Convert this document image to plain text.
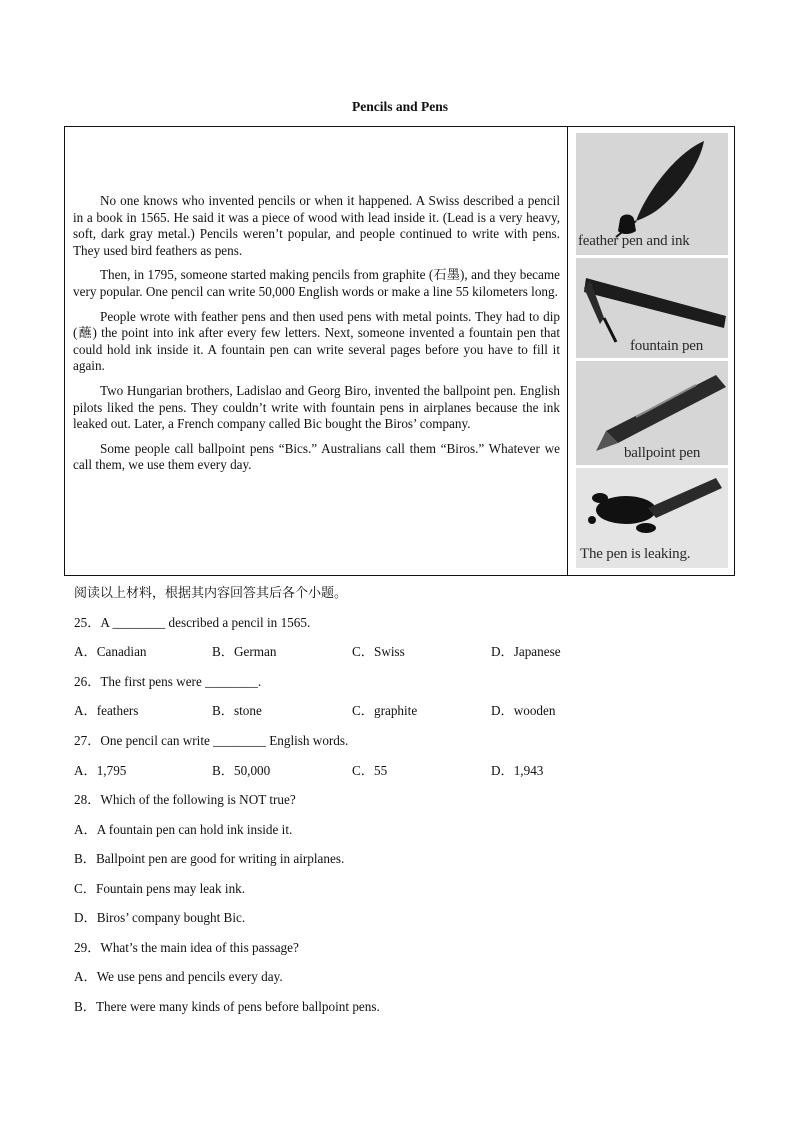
Pencils and Pens

No one knows who invented pencils or when it happened. A Swiss described a pencil in a book in 1565. He said it was a piece of wood with lead inside it. (Lead is a very heavy, soft, dark gray metal.) Pencils weren’t popular, and people continued to write with pens. They used bird feathers as pens.

Then, in 1795, someone started making pencils from graphite (石墨), and they became very popular. One pencil can write 50,000 English words or make a line 55 kilometers long.

People wrote with feather pens and then used pens with metal points. They had to dip (蘸) the point into ink after every few letters. Next, someone invented a fountain pen that could hold ink inside it. A fountain pen can write several pages before you have to fill it again.

Two Hungarian brothers, Ladislao and Georg Biro, invented the ballpoint pen. English pilots liked the pens. They couldn’t write with fountain pens in airplanes because the ink leaked out. Later, a French company called Bic bought the Biros’ company.

Some people call ballpoint pens “Bics.” Australians call them “Biros.” Whatever we call them, we use them every day.

feather pen and ink
fountain pen
ballpoint pen
The pen is leaking.
阅读以上材料，根据其内容回答其后各个小题。
25．A ________ described a pencil in 1565.
A．Canadian	B．German	C．Swiss	D．Japanese
26．The first pens were ________.
A．feathers	B．stone	C．graphite	D．wooden
27．One pencil can write ________ English words.
A．1,795	B．50,000	C．55	D．1,943
28．Which of the following is NOT true?
A．A fountain pen can hold ink inside it.
B．Ballpoint pen are good for writing in airplanes.
C．Fountain pens may leak ink.
D．Biros’ company bought Bic.
29．What’s the main idea of this passage?
A．We use pens and pencils every day.
B．There were many kinds of pens before ballpoint pens.
